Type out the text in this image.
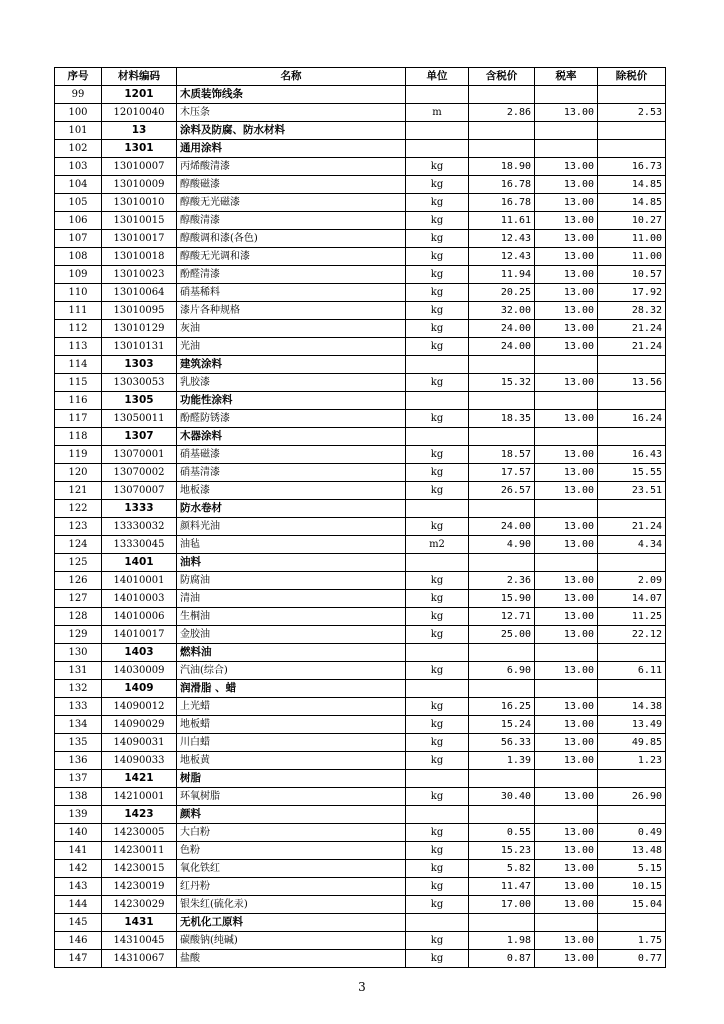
序号	材料编码	名称	单位	含税价	税率	除税价
99	1201	木质装饰线条				
100	12010040	木压条	m	2.86	13.00	2.53
101	13	涂料及防腐、防水材料				
102	1301	通用涂料				
103	13010007	丙烯酸清漆	kg	18.90	13.00	16.73
104	13010009	醇酸磁漆	kg	16.78	13.00	14.85
105	13010010	醇酸无光磁漆	kg	16.78	13.00	14.85
106	13010015	醇酸清漆	kg	11.61	13.00	10.27
107	13010017	醇酸调和漆(各色)	kg	12.43	13.00	11.00
108	13010018	醇酸无光调和漆	kg	12.43	13.00	11.00
109	13010023	酚醛清漆	kg	11.94	13.00	10.57
110	13010064	硝基稀料	kg	20.25	13.00	17.92
111	13010095	漆片各种规格	kg	32.00	13.00	28.32
112	13010129	灰油	kg	24.00	13.00	21.24
113	13010131	光油	kg	24.00	13.00	21.24
114	1303	建筑涂料				
115	13030053	乳胶漆	kg	15.32	13.00	13.56
116	1305	功能性涂料				
117	13050011	酚醛防锈漆	kg	18.35	13.00	16.24
118	1307	木器涂料				
119	13070001	硝基磁漆	kg	18.57	13.00	16.43
120	13070002	硝基清漆	kg	17.57	13.00	15.55
121	13070007	地板漆	kg	26.57	13.00	23.51
122	1333	防水卷材				
123	13330032	颜料光油	kg	24.00	13.00	21.24
124	13330045	油毡	m2	4.90	13.00	4.34
125	1401	油料				
126	14010001	防腐油	kg	2.36	13.00	2.09
127	14010003	清油	kg	15.90	13.00	14.07
128	14010006	生桐油	kg	12.71	13.00	11.25
129	14010017	金胶油	kg	25.00	13.00	22.12
130	1403	燃料油				
131	14030009	汽油(综合)	kg	6.90	13.00	6.11
132	1409	润滑脂 、蜡				
133	14090012	上光蜡	kg	16.25	13.00	14.38
134	14090029	地板蜡	kg	15.24	13.00	13.49
135	14090031	川白蜡	kg	56.33	13.00	49.85
136	14090033	地板黄	kg	1.39	13.00	1.23
137	1421	树脂				
138	14210001	环氧树脂	kg	30.40	13.00	26.90
139	1423	颜料				
140	14230005	大白粉	kg	0.55	13.00	0.49
141	14230011	色粉	kg	15.23	13.00	13.48
142	14230015	氧化铁红	kg	5.82	13.00	5.15
143	14230019	红丹粉	kg	11.47	13.00	10.15
144	14230029	银朱红(硫化汞)	kg	17.00	13.00	15.04
145	1431	无机化工原料				
146	14310045	碳酸钠(纯碱)	kg	1.98	13.00	1.75
147	14310067	盐酸	kg	0.87	13.00	0.77
3
